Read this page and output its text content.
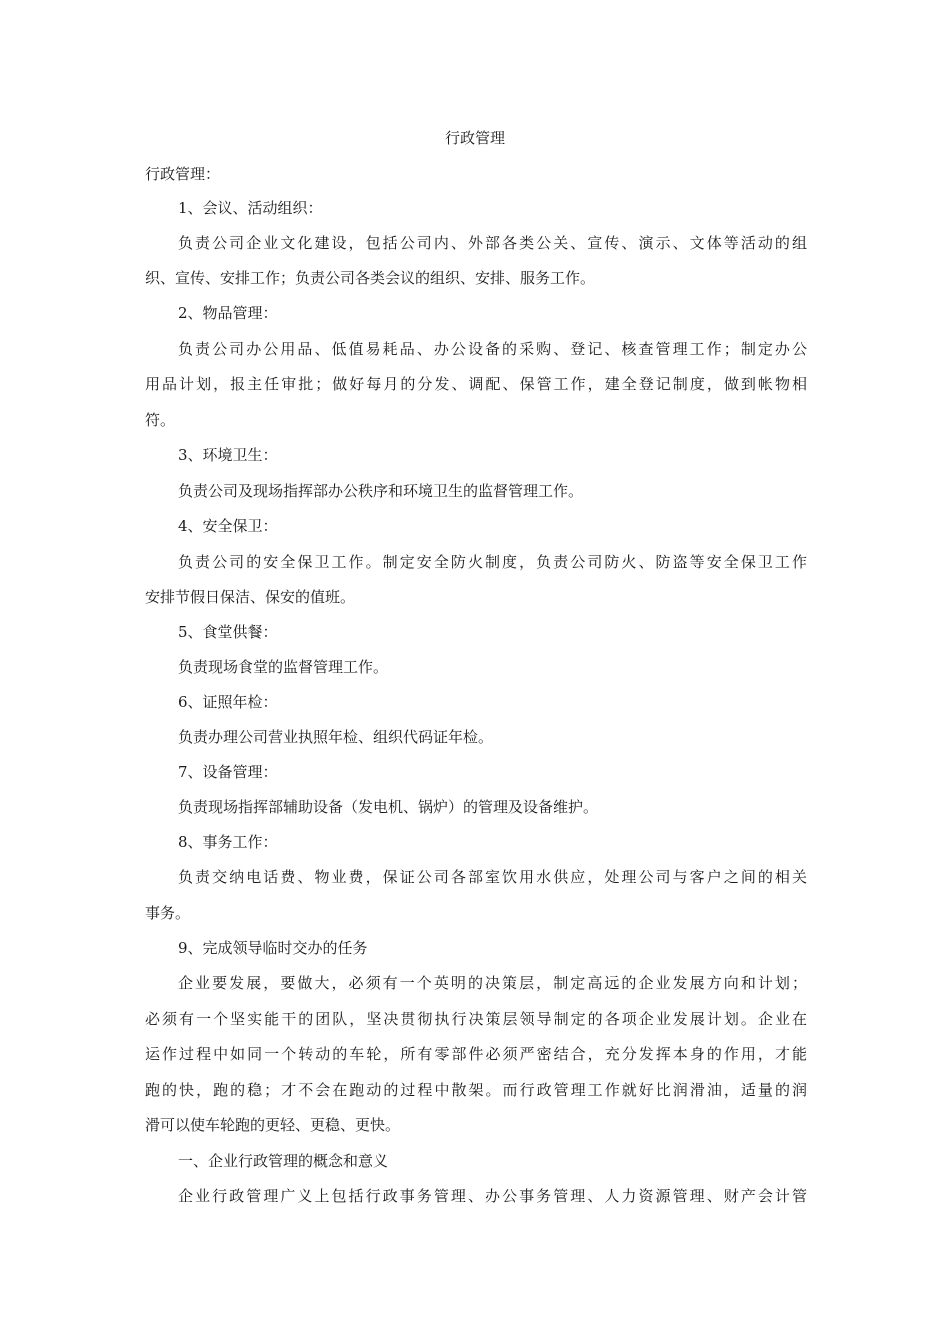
行政管理
行政管理：
1、会议、活动组织：
负责公司企业文化建设，包括公司内、外部各类公关、宣传、演示、文体等活动的组
织、宣传、安排工作；负责公司各类会议的组织、安排、服务工作。
2、物品管理：
负责公司办公用品、低值易耗品、办公设备的采购、登记、核查管理工作；制定办公
用品计划，报主任审批；做好每月的分发、调配、保管工作，建全登记制度，做到帐物相
符。
3、环境卫生：
负责公司及现场指挥部办公秩序和环境卫生的监督管理工作。
4、安全保卫：
负责公司的安全保卫工作。制定安全防火制度，负责公司防火、防盗等安全保卫工作
安排节假日保洁、保安的值班。
5、食堂供餐：
负责现场食堂的监督管理工作。
6、证照年检：
负责办理公司营业执照年检、组织代码证年检。
7、设备管理：
负责现场指挥部辅助设备（发电机、锅炉）的管理及设备维护。
8、事务工作：
负责交纳电话费、物业费，保证公司各部室饮用水供应，处理公司与客户之间的相关
事务。
9、完成领导临时交办的任务
企业要发展，要做大，必须有一个英明的决策层，制定高远的企业发展方向和计划；
必须有一个坚实能干的团队，坚决贯彻执行决策层领导制定的各项企业发展计划。企业在
运作过程中如同一个转动的车轮，所有零部件必须严密结合，充分发挥本身的作用，才能
跑的快，跑的稳；才不会在跑动的过程中散架。而行政管理工作就好比润滑油，适量的润
滑可以使车轮跑的更轻、更稳、更快。
一、企业行政管理的概念和意义
企业行政管理广义上包括行政事务管理、办公事务管理、人力资源管理、财产会计管
